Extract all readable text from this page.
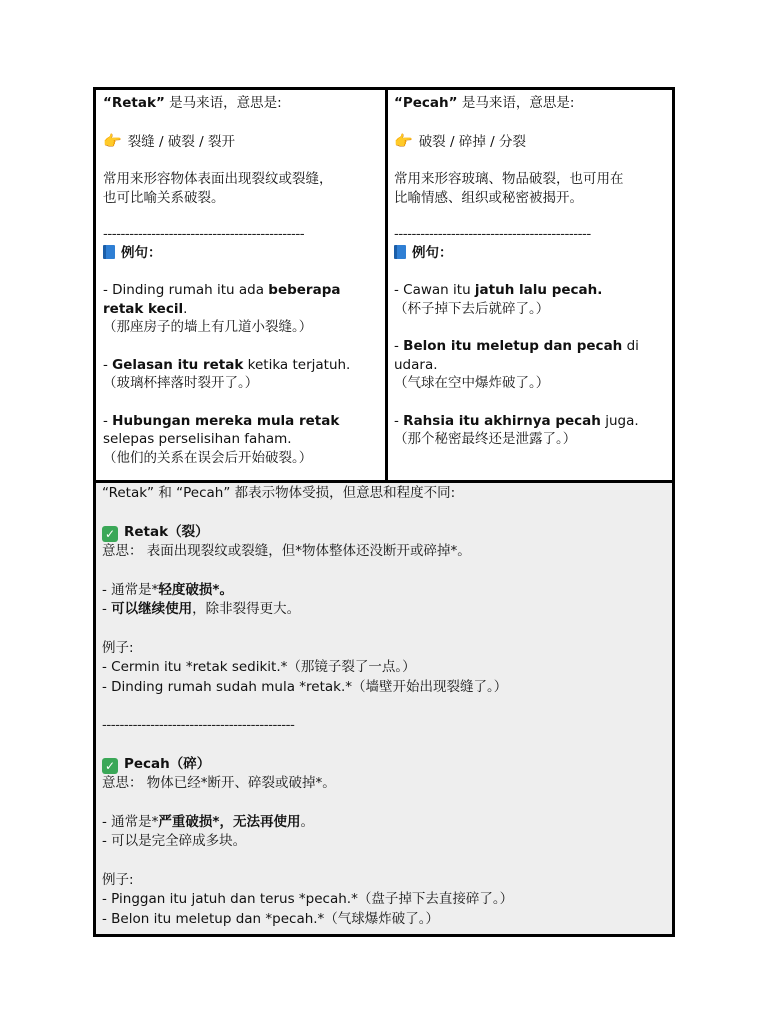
“Retak” 是马来语，意思是:
👉 裂缝 / 破裂 / 裂开
常用来形容物体表面出现裂纹或裂缝，
也可比喻关系破裂。
----------------------------------------------
例句：
- Dinding rumah itu ada beberapa retak kecil.
（那座房子的墙上有几道小裂缝。）
- Gelasan itu retak ketika terjatuh.
（玻璃杯摔落时裂开了。）
- Hubungan mereka mula retak selepas perselisihan faham.
（他们的关系在误会后开始破裂。）
“Pecah” 是马来语，意思是:
👉 破裂 / 碎掉 / 分裂
常用来形容玻璃、物品破裂，也可用在
比喻情感、组织或秘密被揭开。
---------------------------------------------
例句：
- Cawan itu jatuh lalu pecah.
（杯子掉下去后就碎了。）
- Belon itu meletup dan pecah di udara.
（气球在空中爆炸破了。）
- Rahsia itu akhirnya pecah juga.
（那个秘密最终还是泄露了。）
“Retak” 和 “Pecah” 都表示物体受损，但意思和程度不同:
✓ Retak（裂）
意思： 表面出现裂纹或裂缝，但*物体整体还没断开或碎掉*。
- 通常是*轻度破损*。
- 可以继续使用，除非裂得更大。
例子:
- Cermin itu *retak sedikit.*（那镜子裂了一点。）
- Dinding rumah sudah mula *retak.*（墙壁开始出现裂缝了。）
--------------------------------------------
✓ Pecah（碎）
意思： 物体已经*断开、碎裂或破掉*。
- 通常是*严重破损*，无法再使用。
- 可以是完全碎成多块。
例子:
- Pinggan itu jatuh dan terus *pecah.*（盘子掉下去直接碎了。）
- Belon itu meletup dan *pecah.*（气球爆炸破了。）
